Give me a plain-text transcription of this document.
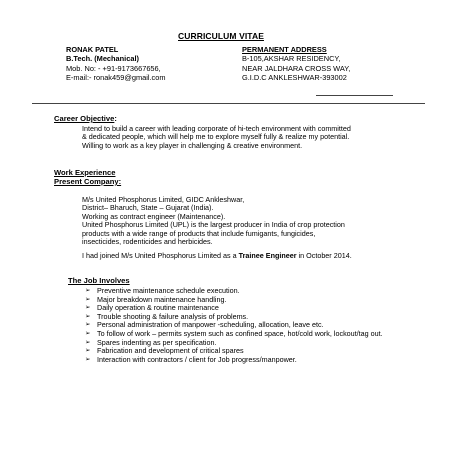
CURRICULUM VITAE
RONAK PATEL
B.Tech. (Mechanical)
Mob. No: - +91-9173667656,
E-mail:- ronak459@gmail.com
PERMANENT ADDRESS
B-105,AKSHAR RESIDENCY,
NEAR JALDHARA CROSS WAY,
G.I.D.C ANKLESHWAR-393002
Career Objective:
Intend to build a career with leading corporate of hi-tech environment with committed
& dedicated people, which will help me to explore myself fully & realize my potential.
Willing to work as a key player in challenging & creative environment.
Work Experience
Present Company:
M/s United Phosphorus Limited, GIDC Ankleshwar,
District– Bharuch, State – Gujarat (India).
Working as contract engineer (Maintenance).
United Phosphorus Limited (UPL) is the largest producer in India of crop protection
products with a wide range of products that include fumigants, fungicides,
insecticides, rodenticides and herbicides.
I had joined M/s United Phosphorus Limited as a Trainee Engineer in October 2014.
The Job Involves
➢ Preventive maintenance schedule execution.
➢ Major breakdown maintenance handling.
➢ Daily operation & routine maintenance
➢ Trouble shooting & failure analysis of problems.
➢ Personal administration of manpower -scheduling, allocation, leave etc.
➢ To follow of work – permits system such as confined space, hot/cold work, lockout/tag out.
➢ Spares indenting as per specification.
➢ Fabrication and development of critical spares
➢ Interaction with contractors / client for Job progress/manpower.
